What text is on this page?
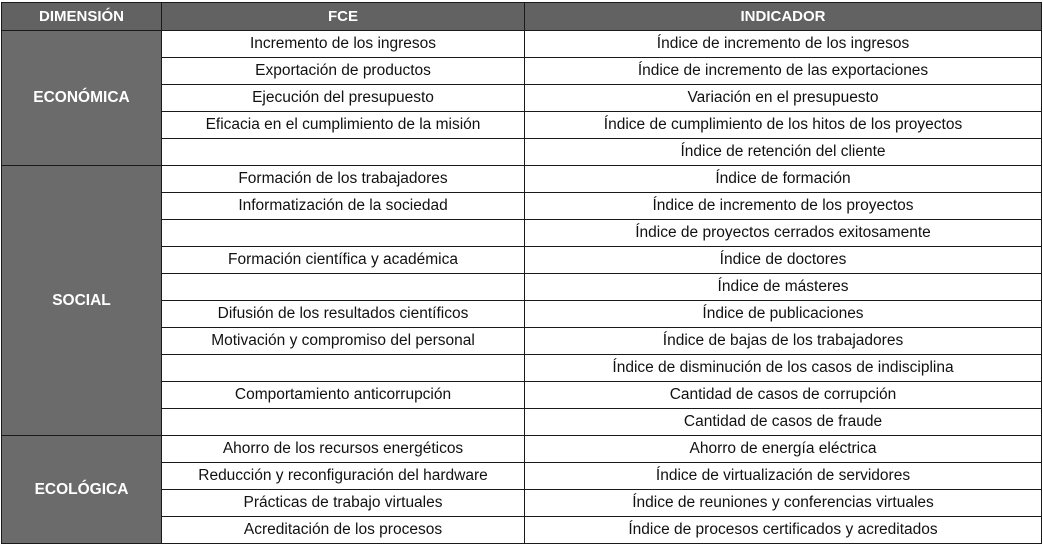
DIMENSIÓN	FCE	INDICADOR
ECONÓMICA	Incremento de los ingresos	Índice de incremento de los ingresos
	Exportación de productos	Índice de incremento de las exportaciones
	Ejecución del presupuesto	Variación en el presupuesto
	Eficacia en el cumplimiento de la misión	Índice de cumplimiento de los hitos de los proyectos
		Índice de retención del cliente
SOCIAL	Formación de los trabajadores	Índice de formación
	Informatización de la sociedad	Índice de incremento de los proyectos
		Índice de proyectos cerrados exitosamente
	Formación científica y académica	Índice de doctores
		Índice de másteres
	Difusión de los resultados científicos	Índice de publicaciones
	Motivación y compromiso del personal	Índice de bajas de los trabajadores
		Índice de disminución de los casos de indisciplina
	Comportamiento anticorrupción	Cantidad de casos de corrupción
		Cantidad de casos de fraude
ECOLÓGICA	Ahorro de los recursos energéticos	Ahorro de energía eléctrica
	Reducción y reconfiguración del hardware	Índice de virtualización de servidores
	Prácticas de trabajo virtuales	Índice de reuniones y conferencias virtuales
	Acreditación de los procesos	Índice de procesos certificados y acreditados
